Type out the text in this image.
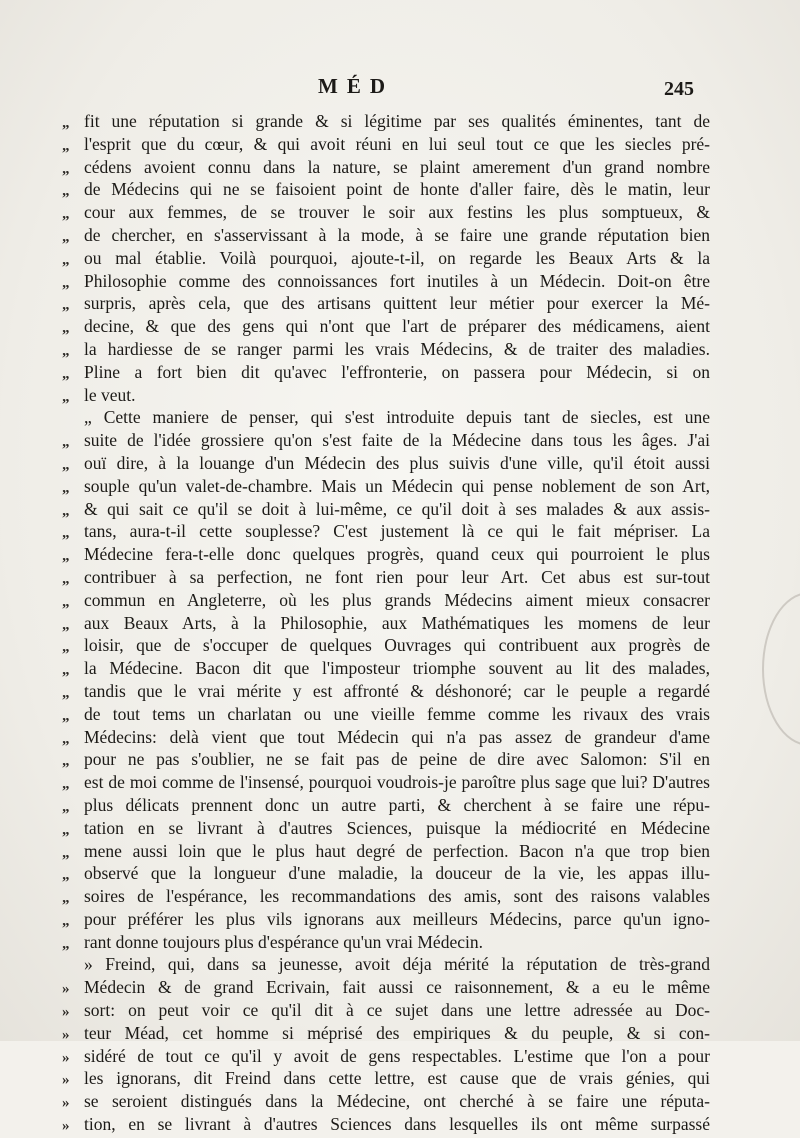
MÉD	245
„ fit une réputation si grande & si légitime par ses qualités éminentes, tant de
„ l'esprit que du cœur, & qui avoit réuni en lui seul tout ce que les siecles pré-
„ cédens avoient connu dans la nature, se plaint amerement d'un grand nombre
„ de Médecins qui ne se faisoient point de honte d'aller faire, dès le matin, leur
„ cour aux femmes, de se trouver le soir aux festins les plus somptueux, &
„ de chercher, en s'asservissant à la mode, à se faire une grande réputation bien
„ ou mal établie. Voilà pourquoi, ajoute-t-il, on regarde les Beaux Arts & la
„ Philosophie comme des connoissances fort inutiles à un Médecin. Doit-on être
„ surpris, après cela, que des artisans quittent leur métier pour exercer la Mé-
„ decine, & que des gens qui n'ont que l'art de préparer des médicamens, aient
„ la hardiesse de se ranger parmi les vrais Médecins, & de traiter des maladies.
„ Pline a fort bien dit qu'avec l'effronterie, on passera pour Médecin, si on
„ le veut.
„ Cette maniere de penser, qui s'est introduite depuis tant de siecles, est une
„ suite de l'idée grossiere qu'on s'est faite de la Médecine dans tous les âges. J'ai
„ ouï dire, à la louange d'un Médecin des plus suivis d'une ville, qu'il étoit aussi
„ souple qu'un valet-de-chambre. Mais un Médecin qui pense noblement de son Art,
„ & qui sait ce qu'il se doit à lui-même, ce qu'il doit à ses malades & aux assis-
„ tans, aura-t-il cette souplesse? C'est justement là ce qui le fait mépriser. La
„ Médecine fera-t-elle donc quelques progrès, quand ceux qui pourroient le plus
„ contribuer à sa perfection, ne font rien pour leur Art. Cet abus est sur-tout
„ commun en Angleterre, où les plus grands Médecins aiment mieux consacrer
„ aux Beaux Arts, à la Philosophie, aux Mathématiques les momens de leur
„ loisir, que de s'occuper de quelques Ouvrages qui contribuent aux progrès de
„ la Médecine. Bacon dit que l'imposteur triomphe souvent au lit des malades,
„ tandis que le vrai mérite y est affronté & déshonoré; car le peuple a regardé
„ de tout tems un charlatan ou une vieille femme comme les rivaux des vrais
„ Médecins: delà vient que tout Médecin qui n'a pas assez de grandeur d'ame
„ pour ne pas s'oublier, ne se fait pas de peine de dire avec Salomon: S'il en
„ est de moi comme de l'insensé, pourquoi voudrois-je paroître plus sage que lui? D'autres
„ plus délicats prennent donc un autre parti, & cherchent à se faire une répu-
„ tation en se livrant à d'autres Sciences, puisque la médiocrité en Médecine
„ mene aussi loin que le plus haut degré de perfection. Bacon n'a que trop bien
„ observé que la longueur d'une maladie, la douceur de la vie, les appas illu-
„ soires de l'espérance, les recommandations des amis, sont des raisons valables
„ pour préférer les plus vils ignorans aux meilleurs Médecins, parce qu'un igno-
„ rant donne toujours plus d'espérance qu'un vrai Médecin.
» Freind, qui, dans sa jeunesse, avoit déja mérité la réputation de très-grand
» Médecin & de grand Ecrivain, fait aussi ce raisonnement, & a eu le même
» sort: on peut voir ce qu'il dit à ce sujet dans une lettre adressée au Doc-
» teur Méad, cet homme si méprisé des empiriques & du peuple, & si con-
» sidéré de tout ce qu'il y avoit de gens respectables. L'estime que l'on a pour
» les ignorans, dit Freind dans cette lettre, est cause que de vrais génies, qui
» se seroient distingués dans la Médecine, ont cherché à se faire une réputa-
» tion, en se livrant à d'autres Sciences dans lesquelles ils ont même surpassé
